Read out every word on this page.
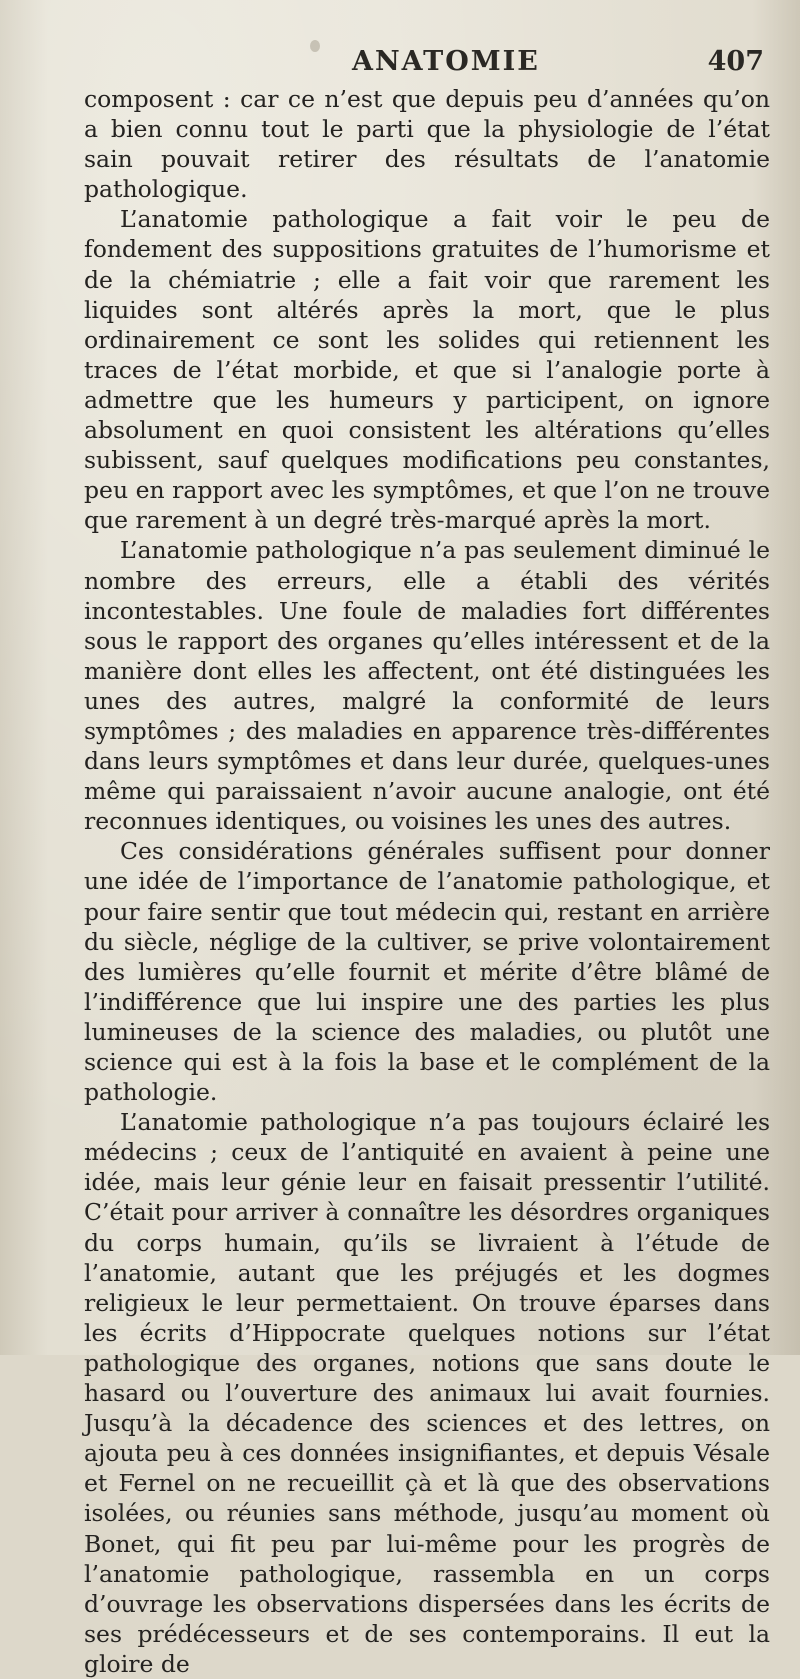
ANATOMIE	407

composent : car ce n’est que depuis peu d’années qu’on a bien connu tout le parti que la physiologie de l’état sain pouvait retirer des résultats de l’anatomie pathologique.

L’anatomie pathologique a fait voir le peu de fondement des suppositions gratuites de l’humorisme et de la chémiatrie ; elle a fait voir que rarement les liquides sont altérés après la mort, que le plus ordinairement ce sont les solides qui retiennent les traces de l’état morbide, et que si l’analogie porte à admettre que les humeurs y participent, on ignore absolument en quoi consistent les altérations qu’elles subissent, sauf quelques modifications peu constantes, peu en rapport avec les symptômes, et que l’on ne trouve que rarement à un degré très-marqué après la mort.

L’anatomie pathologique n’a pas seulement diminué le nombre des erreurs, elle a établi des vérités incontestables. Une foule de maladies fort différentes sous le rapport des organes qu’elles intéressent et de la manière dont elles les affectent, ont été distinguées les unes des autres, malgré la conformité de leurs symptômes ; des maladies en apparence très-différentes dans leurs symptômes et dans leur durée, quelques-unes même qui paraissaient n’avoir aucune analogie, ont été reconnues identiques, ou voisines les unes des autres.

Ces considérations générales suffisent pour donner une idée de l’importance de l’anatomie pathologique, et pour faire sentir que tout médecin qui, restant en arrière du siècle, néglige de la cultiver, se prive volontairement des lumières qu’elle fournit et mérite d’être blâmé de l’indifférence que lui inspire une des parties les plus lumineuses de la science des maladies, ou plutôt une science qui est à la fois la base et le complément de la pathologie.

L’anatomie pathologique n’a pas toujours éclairé les médecins ; ceux de l’antiquité en avaient à peine une idée, mais leur génie leur en faisait pressentir l’utilité. C’était pour arriver à connaître les désordres organiques du corps humain, qu’ils se livraient à l’étude de l’anatomie, autant que les préjugés et les dogmes religieux le leur permettaient. On trouve éparses dans les écrits d’Hippocrate quelques notions sur l’état pathologique des organes, notions que sans doute le hasard ou l’ouverture des animaux lui avait fournies. Jusqu’à la décadence des sciences et des lettres, on ajouta peu à ces données insignifiantes, et depuis Vésale et Fernel on ne recueillit çà et là que des observations isolées, ou réunies sans méthode, jusqu’au moment où Bonet, qui fit peu par lui-même pour les progrès de l’anatomie pathologique, rassembla en un corps d’ouvrage les observations dispersées dans les écrits de ses prédécesseurs et de ses contemporains. Il eut la gloire de
